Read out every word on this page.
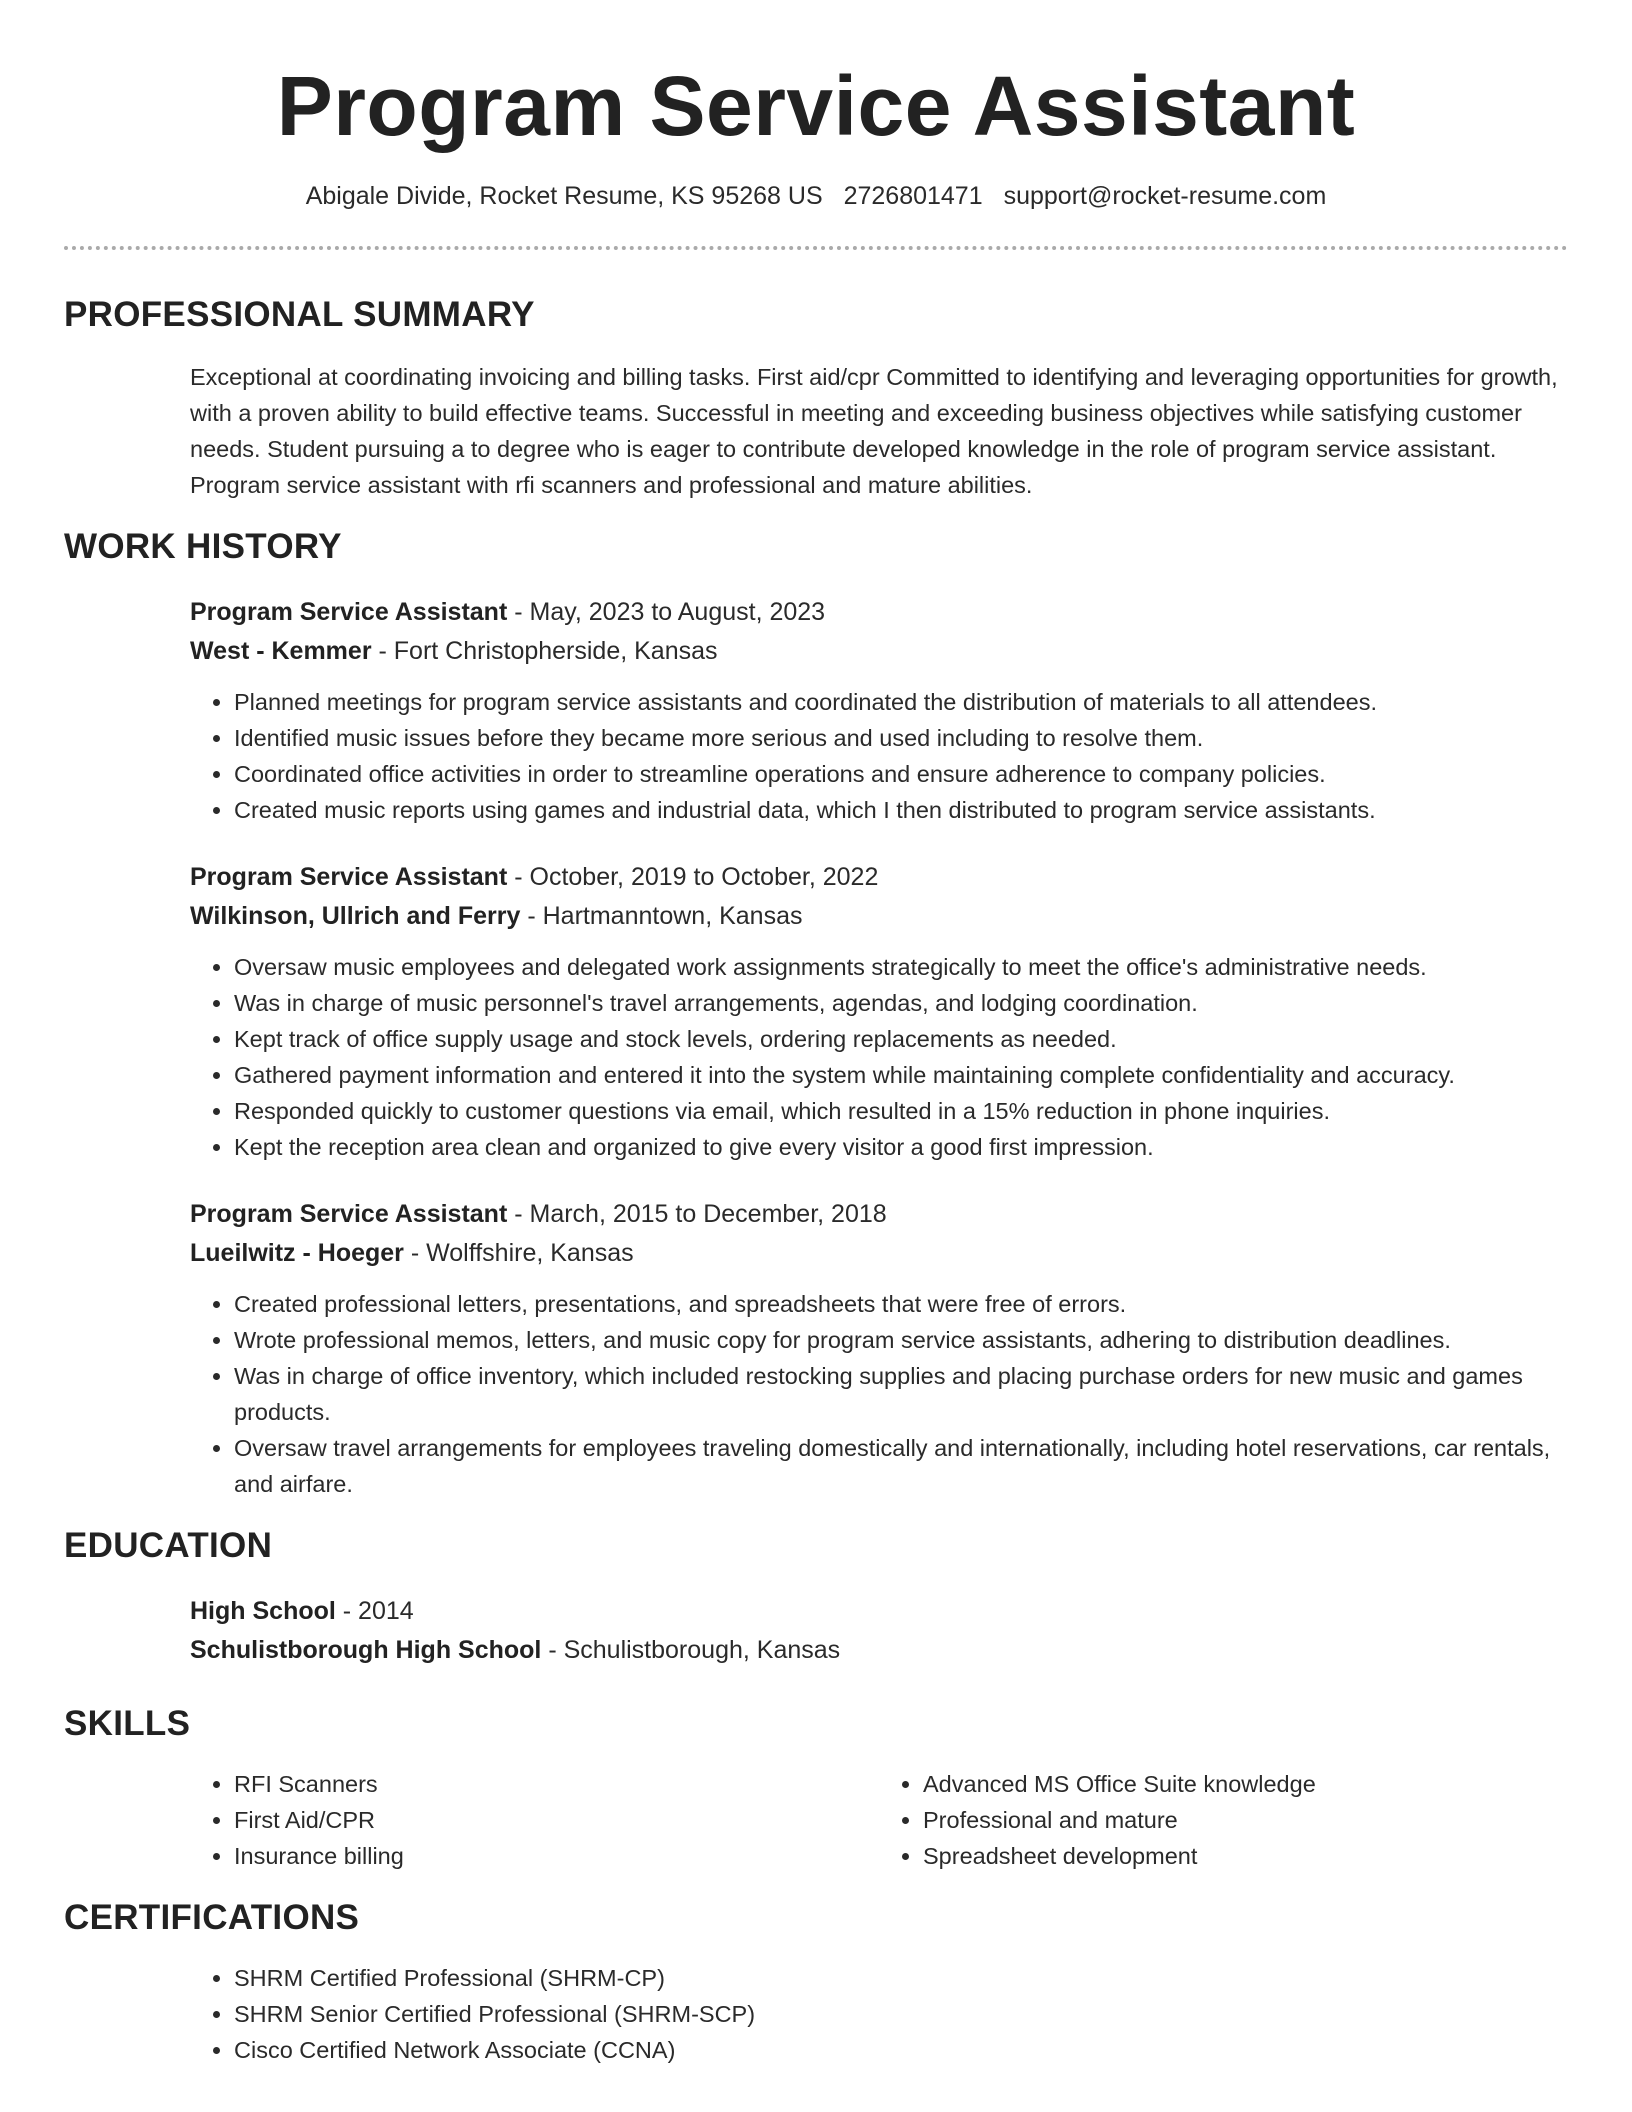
Program Service Assistant
Abigale Divide, Rocket Resume, KS 95268 US 2726801471 support@rocket-resume.com
PROFESSIONAL SUMMARY
Exceptional at coordinating invoicing and billing tasks. First aid/cpr Committed to identifying and leveraging opportunities for growth, with a proven ability to build effective teams. Successful in meeting and exceeding business objectives while satisfying customer needs. Student pursuing a to degree who is eager to contribute developed knowledge in the role of program service assistant. Program service assistant with rfi scanners and professional and mature abilities.
WORK HISTORY
Program Service Assistant - May, 2023 to August, 2023
West - Kemmer - Fort Christopherside, Kansas
• Planned meetings for program service assistants and coordinated the distribution of materials to all attendees.
• Identified music issues before they became more serious and used including to resolve them.
• Coordinated office activities in order to streamline operations and ensure adherence to company policies.
• Created music reports using games and industrial data, which I then distributed to program service assistants.
Program Service Assistant - October, 2019 to October, 2022
Wilkinson, Ullrich and Ferry - Hartmanntown, Kansas
• Oversaw music employees and delegated work assignments strategically to meet the office's administrative needs.
• Was in charge of music personnel's travel arrangements, agendas, and lodging coordination.
• Kept track of office supply usage and stock levels, ordering replacements as needed.
• Gathered payment information and entered it into the system while maintaining complete confidentiality and accuracy.
• Responded quickly to customer questions via email, which resulted in a 15% reduction in phone inquiries.
• Kept the reception area clean and organized to give every visitor a good first impression.
Program Service Assistant - March, 2015 to December, 2018
Lueilwitz - Hoeger - Wolffshire, Kansas
• Created professional letters, presentations, and spreadsheets that were free of errors.
• Wrote professional memos, letters, and music copy for program service assistants, adhering to distribution deadlines.
• Was in charge of office inventory, which included restocking supplies and placing purchase orders for new music and games products.
• Oversaw travel arrangements for employees traveling domestically and internationally, including hotel reservations, car rentals, and airfare.
EDUCATION
High School - 2014
Schulistborough High School - Schulistborough, Kansas
SKILLS
• RFI Scanners
• First Aid/CPR
• Insurance billing
• Advanced MS Office Suite knowledge
• Professional and mature
• Spreadsheet development
CERTIFICATIONS
• SHRM Certified Professional (SHRM-CP)
• SHRM Senior Certified Professional (SHRM-SCP)
• Cisco Certified Network Associate (CCNA)
